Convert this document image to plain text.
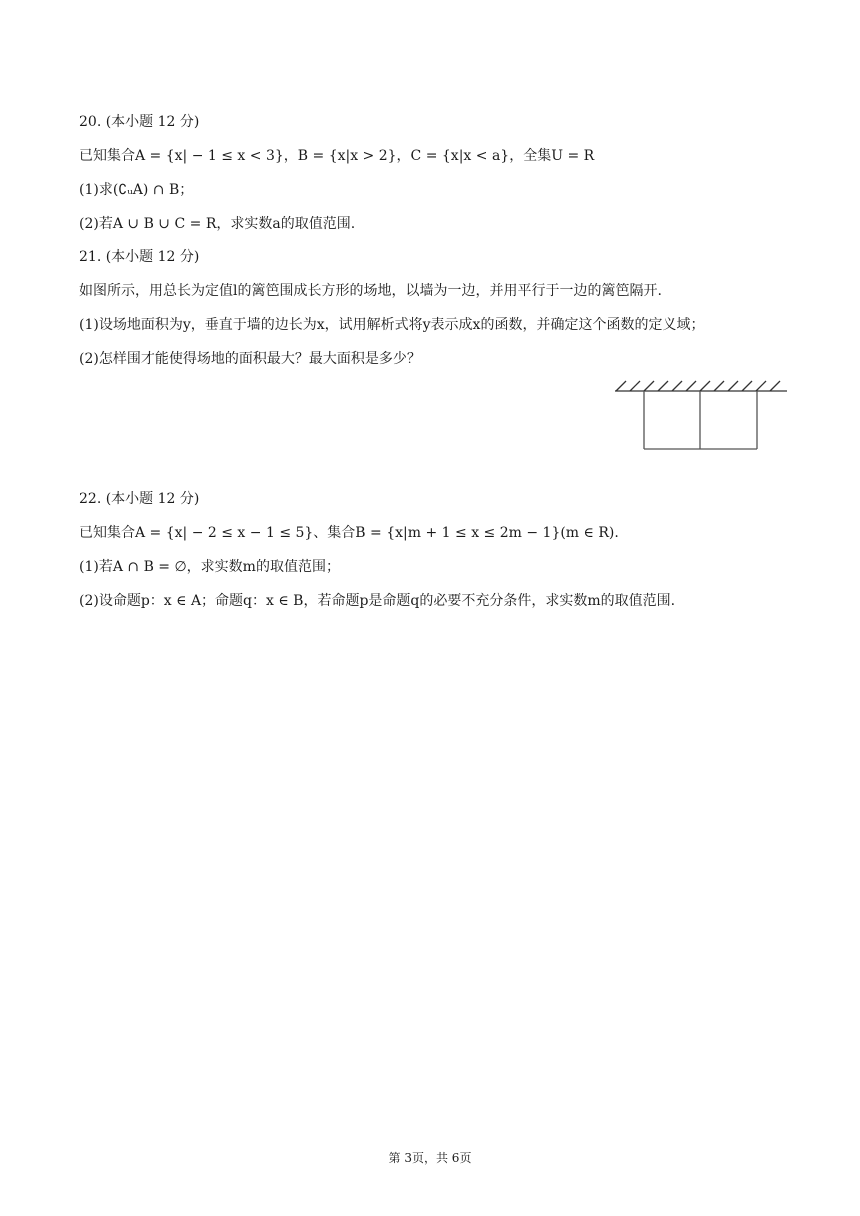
20. (本小题 12 分)
已知集合A = {x| − 1 ≤ x < 3}，B = {x|x > 2}，C = {x|x < a}，全集U = R
(1)求(∁ᵤA) ∩ B；
(2)若A ∪ B ∪ C = R，求实数a的取值范围.
21. (本小题 12 分)
如图所示，用总长为定值l的篱笆围成长方形的场地，以墙为一边，并用平行于一边的篱笆隔开.
(1)设场地面积为y，垂直于墙的边长为x，试用解析式将y表示成x的函数，并确定这个函数的定义域；
(2)怎样围才能使得场地的面积最大？最大面积是多少？
22. (本小题 12 分)
已知集合A = {x| − 2 ≤ x − 1 ≤ 5}、集合B = {x|m + 1 ≤ x ≤ 2m − 1}(m ∈ R).
(1)若A ∩ B = ∅，求实数m的取值范围；
(2)设命题p：x ∈ A；命题q：x ∈ B，若命题p是命题q的必要不充分条件，求实数m的取值范围.
第 3页，共 6页
